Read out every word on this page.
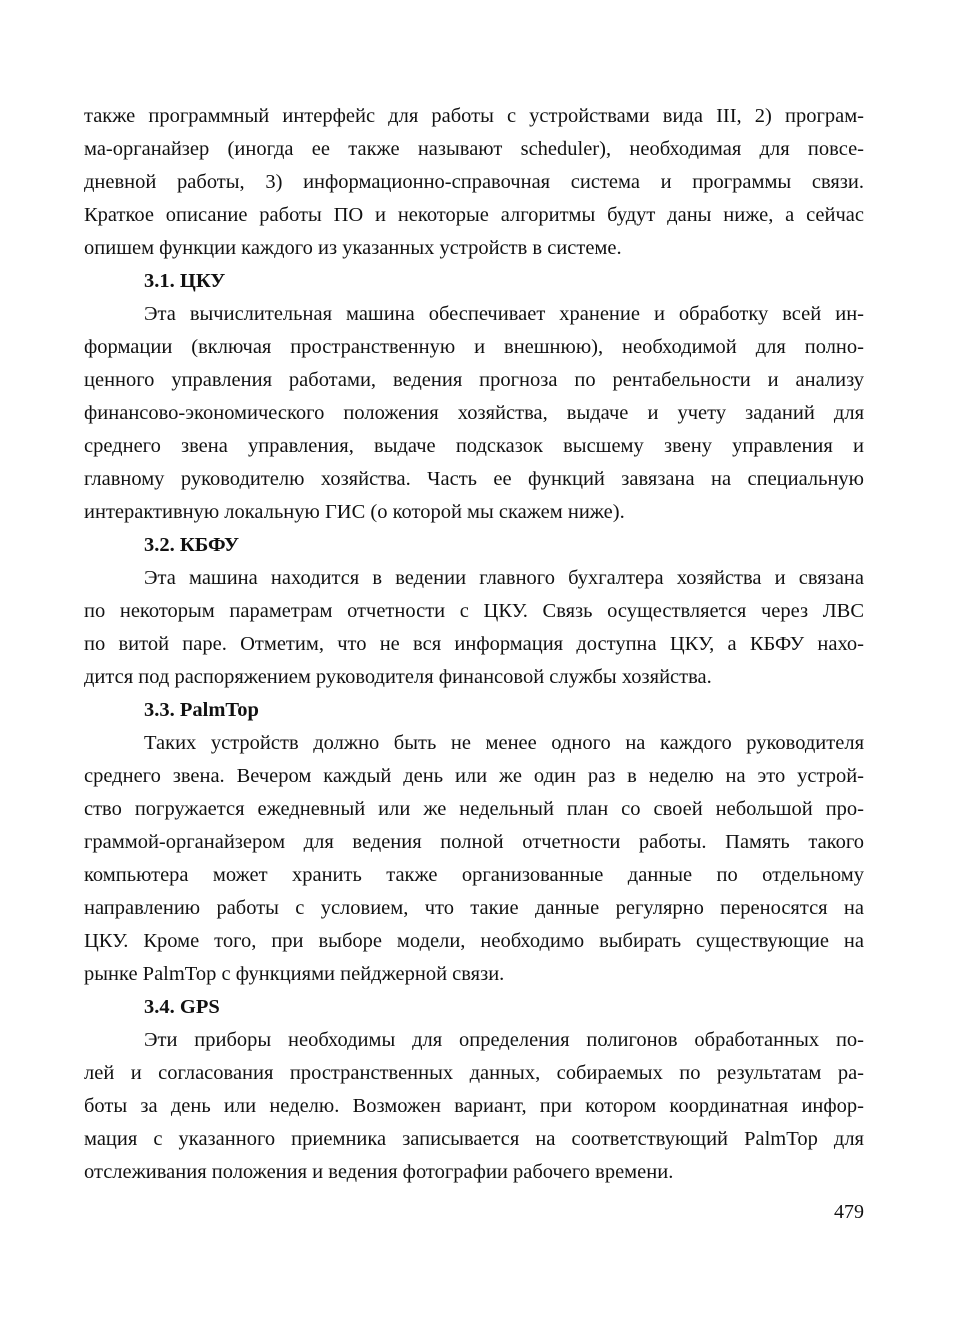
также программный интерфейс для работы с устройствами вида III, 2) програм-
ма-органайзер (иногда ее также называют scheduler), необходимая для повсе-
дневной работы, 3) информационно-справочная система и программы связи.
Краткое описание работы ПО и некоторые алгоритмы будут даны ниже, а сейчас
опишем функции каждого из указанных устройств в системе.
3.1. ЦКУ
Эта вычислительная машина обеспечивает хранение и обработку всей ин-
формации (включая пространственную и внешнюю), необходимой для полно-
ценного управления работами, ведения прогноза по рентабельности и анализу
финансово-экономического положения хозяйства, выдаче и учету заданий для
среднего звена управления, выдаче подсказок высшему звену управления и
главному руководителю хозяйства. Часть ее функций завязана на специальную
интерактивную локальную ГИС (о которой мы скажем ниже).
3.2. КБФУ
Эта машина находится в ведении главного бухгалтера хозяйства и связана
по некоторым параметрам отчетности с ЦКУ. Связь осуществляется через ЛВС
по витой паре. Отметим, что не вся информация доступна ЦКУ, а КБФУ нахо-
дится под распоряжением руководителя финансовой службы хозяйства.
3.3. PalmTop
Таких устройств должно быть не менее одного на каждого руководителя
среднего звена. Вечером каждый день или же один раз в неделю на это устрой-
ство погружается ежедневный или же недельный план со своей небольшой про-
граммой-органайзером для ведения полной отчетности работы. Память такого
компьютера может хранить также организованные данные по отдельному
направлению работы с условием, что такие данные регулярно переносятся на
ЦКУ. Кроме того, при выборе модели, необходимо выбирать существующие на
рынке PalmTop с функциями пейджерной связи.
3.4. GPS
Эти приборы необходимы для определения полигонов обработанных по-
лей и согласования пространственных данных, собираемых по результатам ра-
боты за день или неделю. Возможен вариант, при котором координатная инфор-
мация с указанного приемника записывается на соответствующий PalmTop для
отслеживания положения и ведения фотографии рабочего времени.
479
